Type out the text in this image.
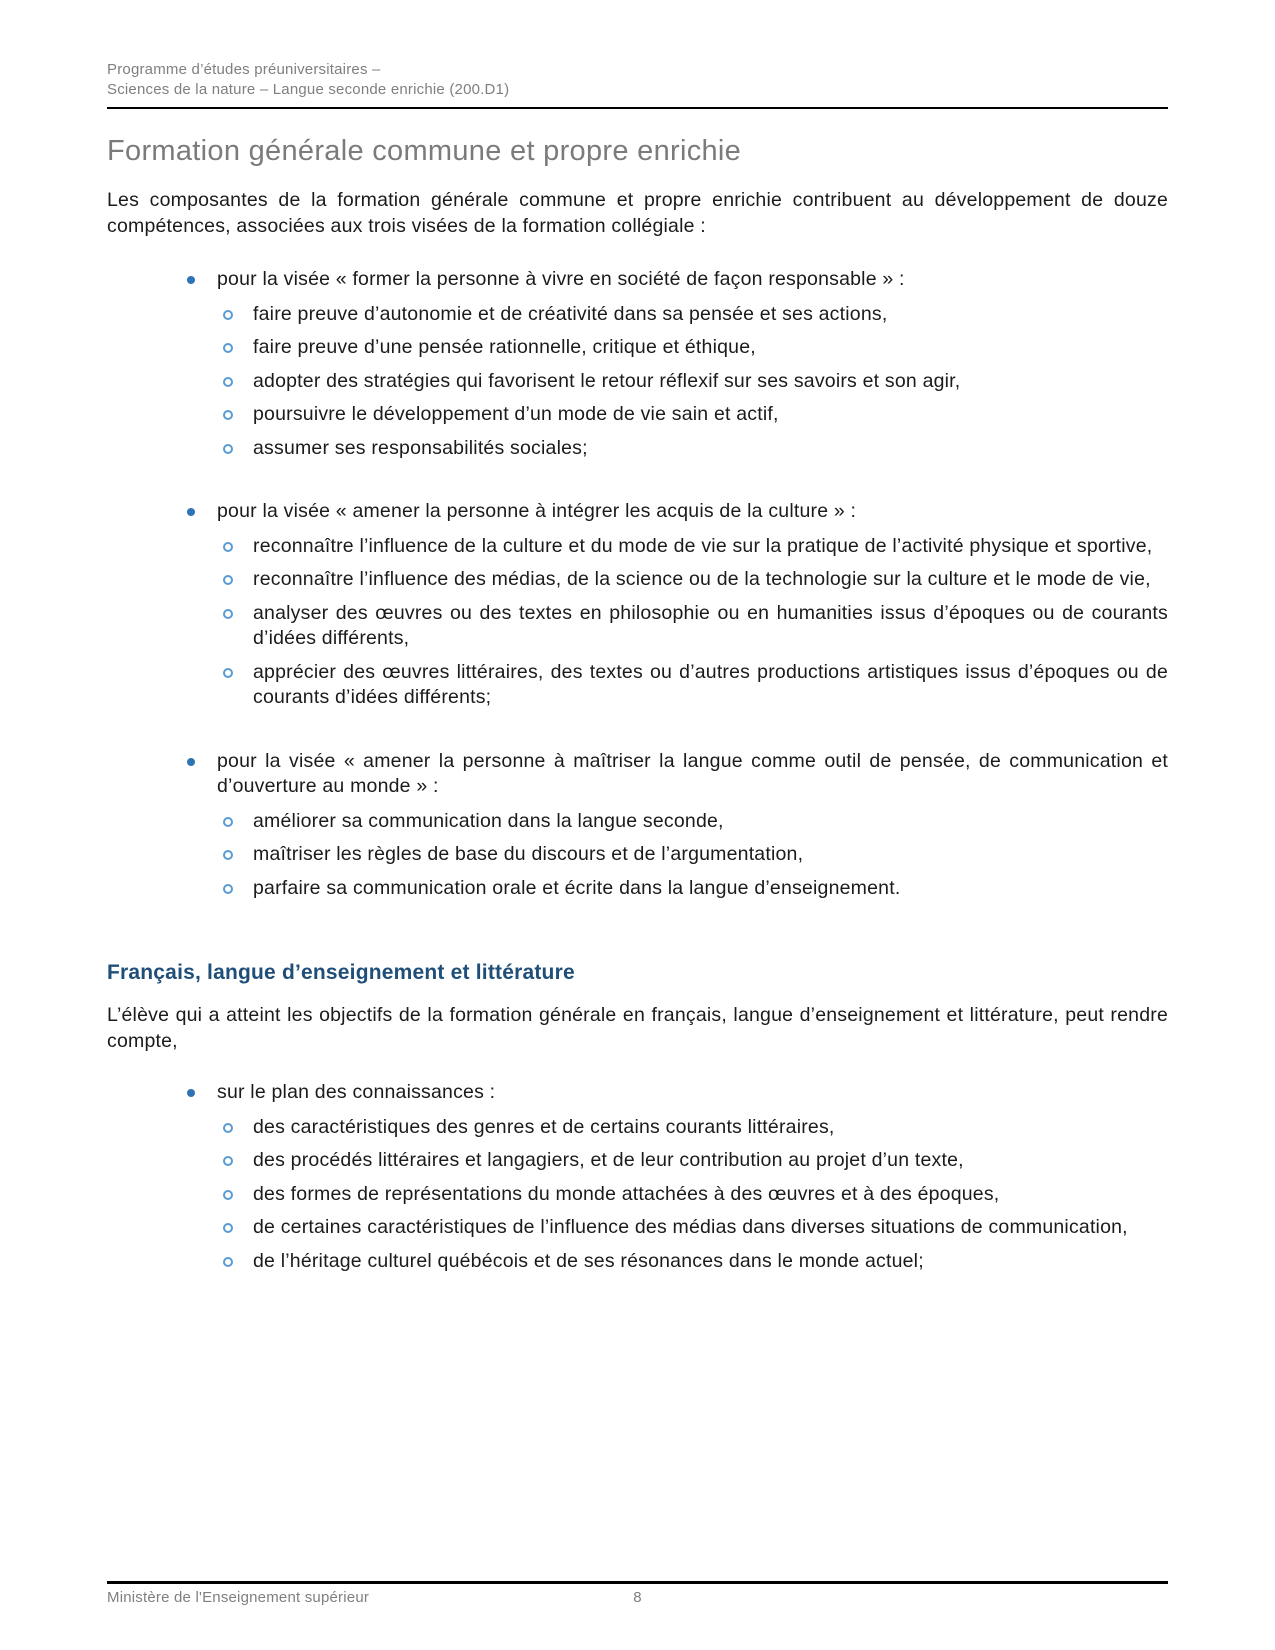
Programme d’études préuniversitaires –
Sciences de la nature – Langue seconde enrichie (200.D1)
Formation générale commune et propre enrichie

Les composantes de la formation générale commune et propre enrichie contribuent au développement de douze compétences, associées aux trois visées de la formation collégiale :

pour la visée « former la personne à vivre en société de façon responsable » :
faire preuve d’autonomie et de créativité dans sa pensée et ses actions,
faire preuve d’une pensée rationnelle, critique et éthique,
adopter des stratégies qui favorisent le retour réflexif sur ses savoirs et son agir,
poursuivre le développement d’un mode de vie sain et actif,
assumer ses responsabilités sociales;
pour la visée « amener la personne à intégrer les acquis de la culture » :
reconnaître l’influence de la culture et du mode de vie sur la pratique de l’activité physique et sportive,
reconnaître l’influence des médias, de la science ou de la technologie sur la culture et le mode de vie,
analyser des œuvres ou des textes en philosophie ou en humanities issus d’époques ou de courants d’idées différents,
apprécier des œuvres littéraires, des textes ou d’autres productions artistiques issus d’époques ou de courants d’idées différents;
pour la visée « amener la personne à maîtriser la langue comme outil de pensée, de communication et d’ouverture au monde » :
améliorer sa communication dans la langue seconde,
maîtriser les règles de base du discours et de l’argumentation,
parfaire sa communication orale et écrite dans la langue d’enseignement.
Français, langue d’enseignement et littérature

L’élève qui a atteint les objectifs de la formation générale en français, langue d’enseignement et littérature, peut rendre compte,

sur le plan des connaissances :
des caractéristiques des genres et de certains courants littéraires,
des procédés littéraires et langagiers, et de leur contribution au projet d’un texte,
des formes de représentations du monde attachées à des œuvres et à des époques,
de certaines caractéristiques de l’influence des médias dans diverses situations de communication,
de l’héritage culturel québécois et de ses résonances dans le monde actuel;
Ministère de l'Enseignement supérieur	8
